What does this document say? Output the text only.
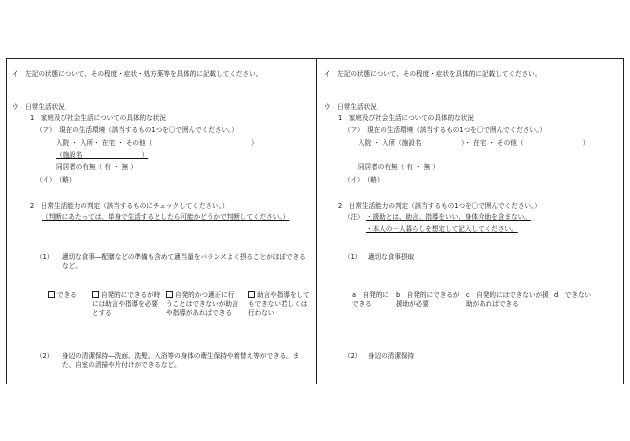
イ　左記の状態について、その程度・症状・処方薬等を具体的に記載してください。
ウ　日常生活状況
1　家庭及び社会生活についての具体的な状況
（ア）　現在の生活環境（該当するもの1つを〇で囲んでください。）
入院 ・ 入所・ 在宅 ・ その他（　　　　　　　　　　　　　　　）
（施設名　　　　　　　　　）
同居者の有無（ 有 ・ 無 ）
（イ）　（略）
2　日常生活能力の判定（該当するものにチェックしてください。）
（判断にあたっては、単身で生活するとしたら可能かどうかで判断してください。）
（1） 適切な食事―配膳などの準備も含めて適当量をバランスよく摂ることがほぼできるなど。
できる	自発的にできるが時には助言や指導を必要とする
自発的かつ適正に行うことはできないが助言や指導があればできる
助言や指導をしてもできない若しくは行わない
（2） 身辺の清潔保持―洗面、洗髪、入浴等の身体の衛生保持や着替え等ができる。また、自室の清掃や片付けができるなど。
イ　左記の状態について、その程度・症状を具体的に記載してください。
ウ　日常生活状況
1　家庭及び社会生活についての具体的な状況
（ア）　現在の生活環境（該当するもの1つを〇で囲んでください。）
入院 ・ 入所（施設名　　　　　　）・ 在宅 ・ その他（　　　　　　　　　）
同居者の有無（ 有 ・ 無 ）
（イ）　（略）
2　日常生活能力の判定（該当するもの1つを〇で囲んでください。）
（注） ・援助とは、助言、指導をいい、身体介助を含まない。
・本人の一人暮らしを想定して記入してください。
（1） 適切な食事摂取
a　自発的にできる
b　自発的にできるが援助が必要
c　自発的にはできないが援助があればできる
d　できない
（2） 身辺の清潔保持
